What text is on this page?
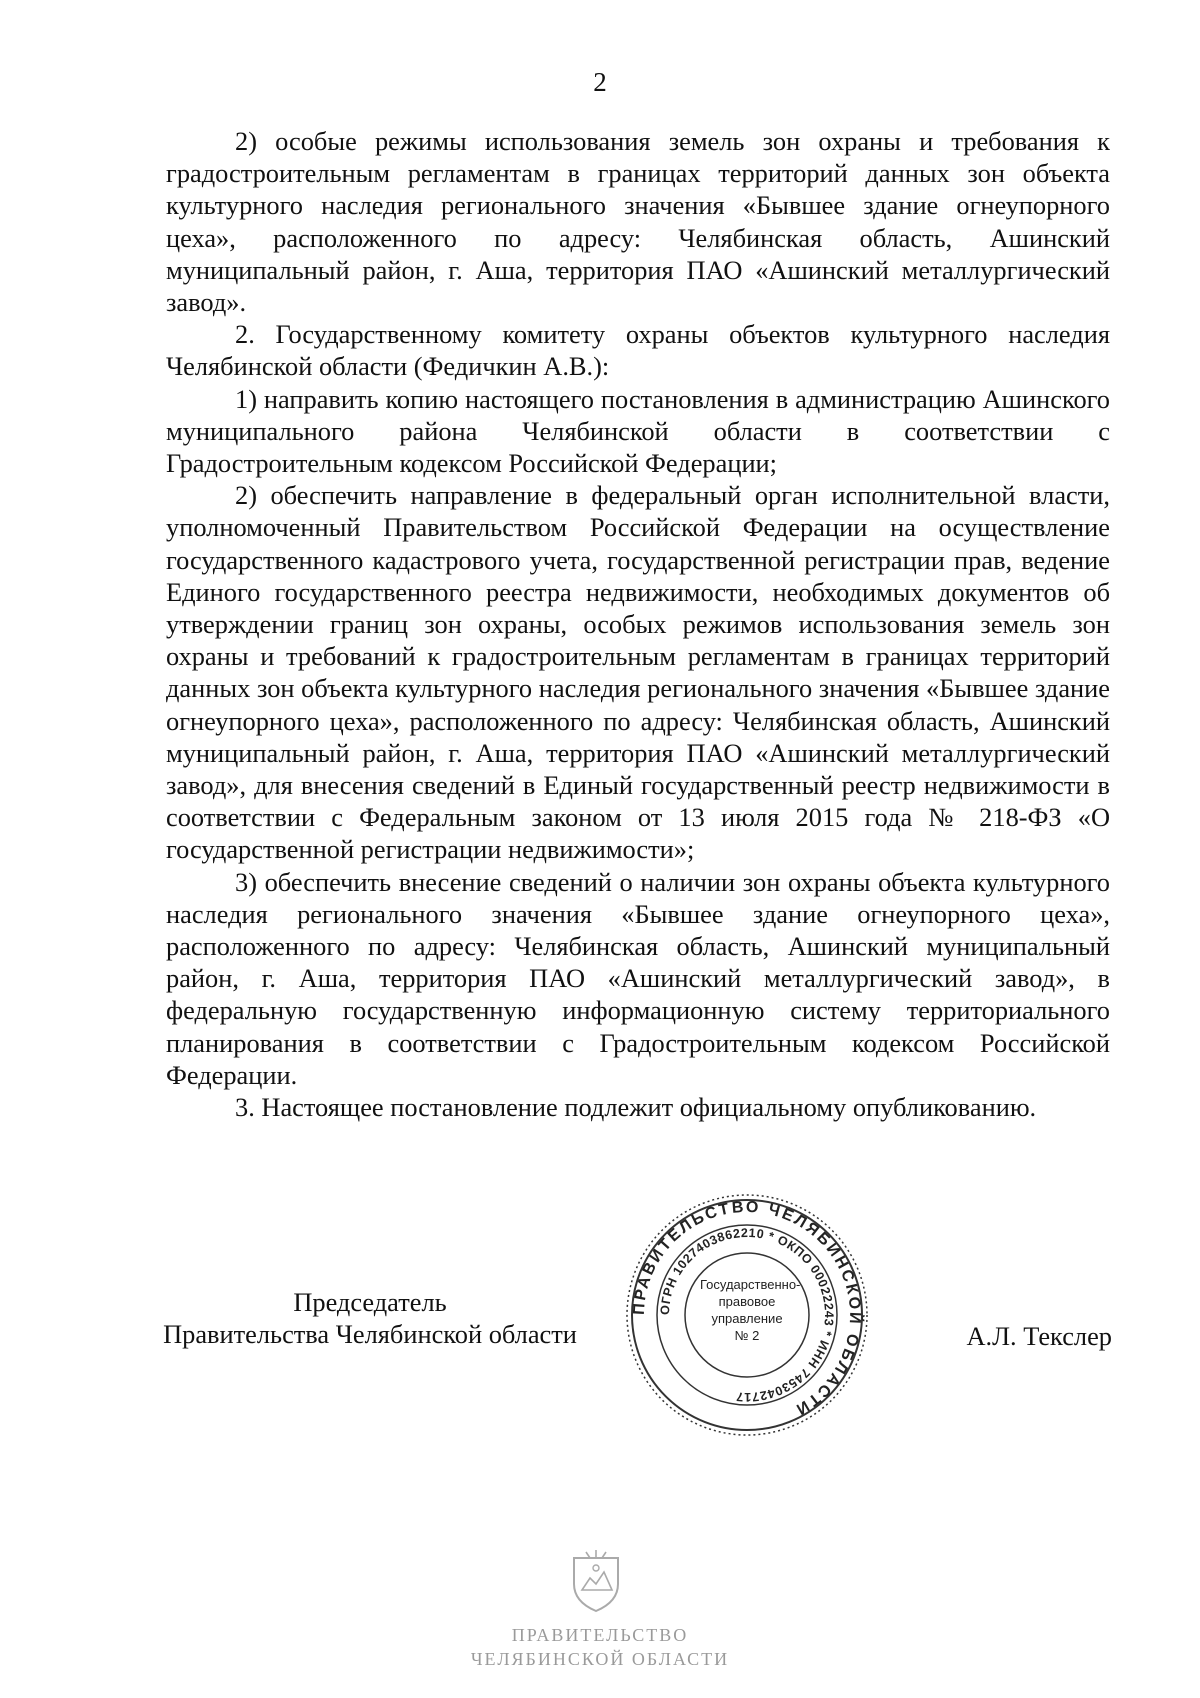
2

2) особые режимы использования земель зон охраны и требования к градостроительным регламентам в границах территорий данных зон объекта культурного наследия регионального значения «Бывшее здание огнеупорного цеха», расположенного по адресу: Челябинская область, Ашинский муниципальный район, г. Аша, территория ПАО «Ашинский металлургический завод».

2. Государственному комитету охраны объектов культурного наследия Челябинской области (Федичкин А.В.):

1) направить копию настоящего постановления в администрацию Ашинского муниципального района Челябинской области в соответствии с Градостроительным кодексом Российской Федерации;

2) обеспечить направление в федеральный орган исполнительной власти, уполномоченный Правительством Российской Федерации на осуществление государственного кадастрового учета, государственной регистрации прав, ведение Единого государственного реестра недвижимости, необходимых документов об утверждении границ зон охраны, особых режимов использования земель зон охраны и требований к градостроительным регламентам в границах территорий данных зон объекта культурного наследия регионального значения «Бывшее здание огнеупорного цеха», расположенного по адресу: Челябинская область, Ашинский муниципальный район, г. Аша, территория ПАО «Ашинский металлургический завод», для внесения сведений в Единый государственный реестр недвижимости в соответствии с Федеральным законом от 13 июля 2015 года № 218-ФЗ «О государственной регистрации недвижимости»;

3) обеспечить внесение сведений о наличии зон охраны объекта культурного наследия регионального значения «Бывшее здание огнеупорного цеха», расположенного по адресу: Челябинская область, Ашинский муниципальный район, г. Аша, территория ПАО «Ашинский металлургический завод», в федеральную государственную информационную систему территориального планирования в соответствии с Градостроительным кодексом Российской Федерации.

3. Настоящее постановление подлежит официальному опубликованию.

Председатель
Правительства Челябинской области	А.Л. Текслер
ПРАВИТЕЛЬСТВО ЧЕЛЯБИНСКОЙ ОБЛАСТИ
ОГРН 1027403862210 * ОКПО 00022243 * ИНН 7453042717
Государственно-
правовое
управление
№ 2
ПРАВИТЕЛЬСТВО
ЧЕЛЯБИНСКОЙ ОБЛАСТИ
